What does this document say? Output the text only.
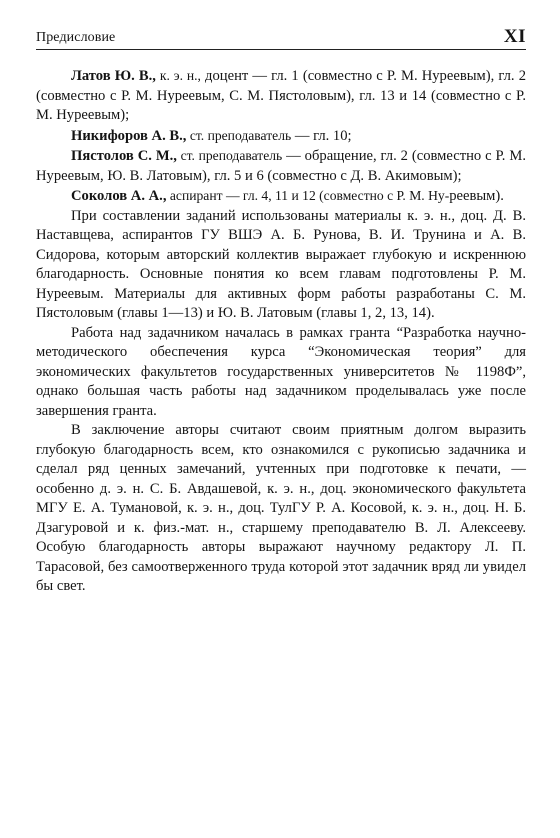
Предисловие	XI

Латов Ю. В., к. э. н., доцент — гл. 1 (совместно с Р. М. Нуреевым), гл. 2 (совместно с Р. М. Нуреевым, С. М. Пястоловым), гл. 13 и 14 (совместно с Р. М. Нуреевым);

Никифоров А. В., ст. преподаватель — гл. 10;

Пястолов С. М., ст. преподаватель — обращение, гл. 2 (совместно с Р. М. Нуреевым, Ю. В. Латовым), гл. 5 и 6 (совместно с Д. В. Акимовым);

Соколов А. А., аспирант — гл. 4, 11 и 12 (совместно с Р. М. Ну-реевым).

При составлении заданий использованы материалы к. э. н., доц. Д. В. Наставщева, аспирантов ГУ ВШЭ А. Б. Рунова, В. И. Трунина и А. В. Сидорова, которым авторский коллектив выражает глубокую и искреннюю благодарность. Основные понятия ко всем главам подготовлены Р. М. Нуреевым. Материалы для активных форм работы разработаны С. М. Пястоловым (главы 1—13) и Ю. В. Латовым (главы 1, 2, 13, 14).

Работа над задачником началась в рамках гранта “Разработка научно-методического обеспечения курса “Экономическая теория” для экономических факультетов государственных университетов № 1198Ф”, однако большая часть работы над задачником проделывалась уже после завершения гранта.

В заключение авторы считают своим приятным долгом выразить глубокую благодарность всем, кто ознакомился с рукописью задачника и сделал ряд ценных замечаний, учтенных при подготовке к печати, — особенно д. э. н. С. Б. Авдашевой, к. э. н., доц. экономического факультета МГУ Е. А. Тумановой, к. э. н., доц. ТулГУ Р. А. Косовой, к. э. н., доц. Н. Б. Дзагуровой и к. физ.-мат. н., старшему преподавателю В. Л. Алексееву. Особую благодарность авторы выражают научному редактору Л. П. Тарасовой, без самоотверженного труда которой этот задачник вряд ли увидел бы свет.
